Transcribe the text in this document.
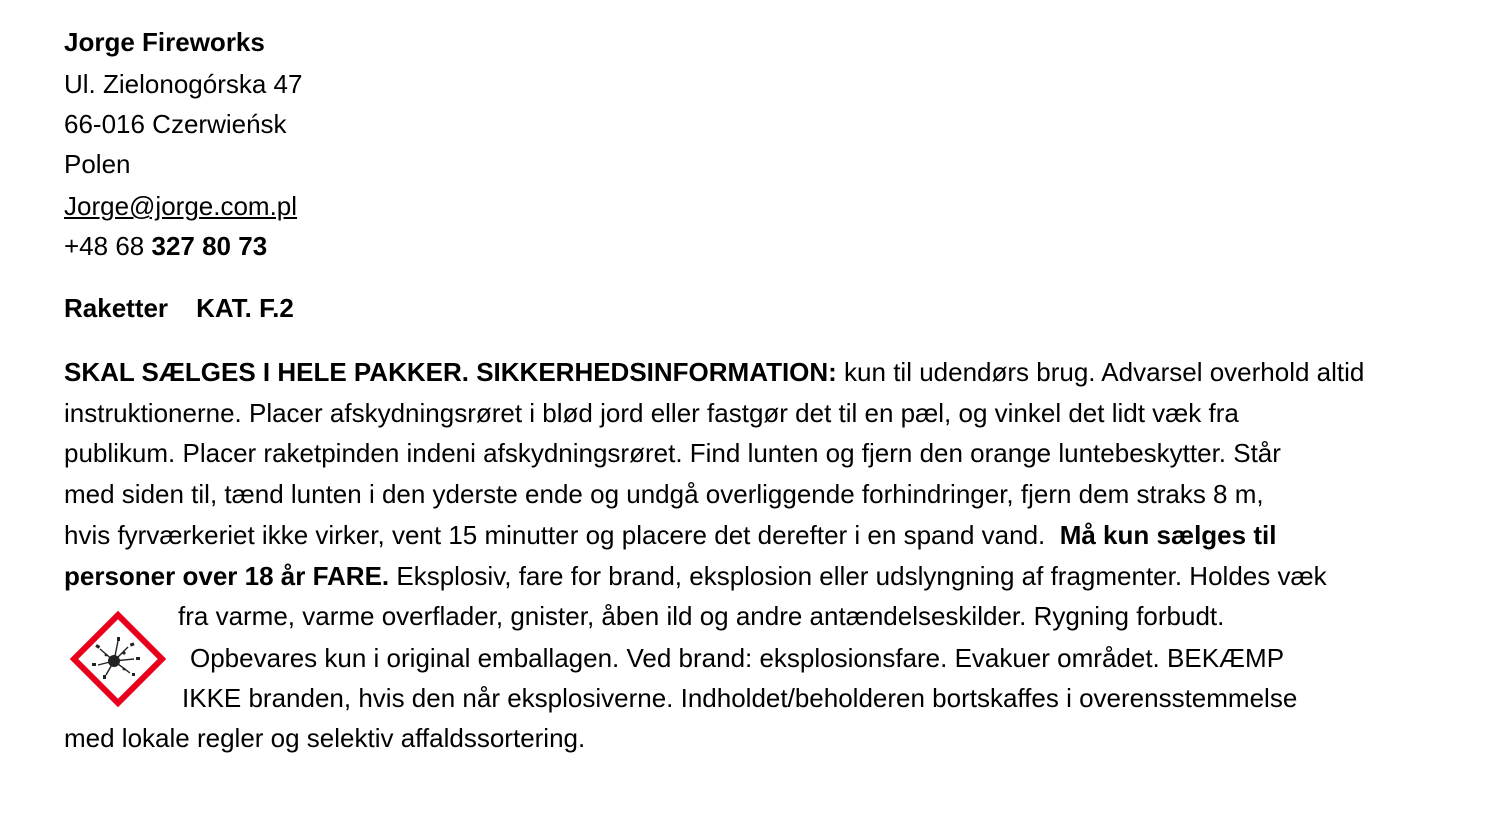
Jorge Fireworks
Ul. Zielonogórska 47
66-016 Czerwieńsk
Polen
Jorge@jorge.com.pl
+48 68 327 80 73
Raketter KAT. F.2
SKAL SÆLGES I HELE PAKKER. SIKKERHEDSINFORMATION: kun til udendørs brug. Advarsel overhold altid
instruktionerne. Placer afskydningsrøret i blød jord eller fastgør det til en pæl, og vinkel det lidt væk fra
publikum. Placer raketpinden indeni afskydningsrøret. Find lunten og fjern den orange luntebeskytter. Står
med siden til, tænd lunten i den yderste ende og undgå overliggende forhindringer, fjern dem straks 8 m,
hvis fyrværkeriet ikke virker, vent 15 minutter og placere det derefter i en spand vand.  Må kun sælges til
personer over 18 år FARE. Eksplosiv, fare for brand, eksplosion eller udslyngning af fragmenter. Holdes væk
fra varme, varme overflader, gnister, åben ild og andre antændelseskilder. Rygning forbudt.
Opbevares kun i original emballagen. Ved brand: eksplosionsfare. Evakuer området. BEKÆMP
IKKE branden, hvis den når eksplosiverne. Indholdet/beholderen bortskaffes i overensstemmelse
med lokale regler og selektiv affaldssortering.
